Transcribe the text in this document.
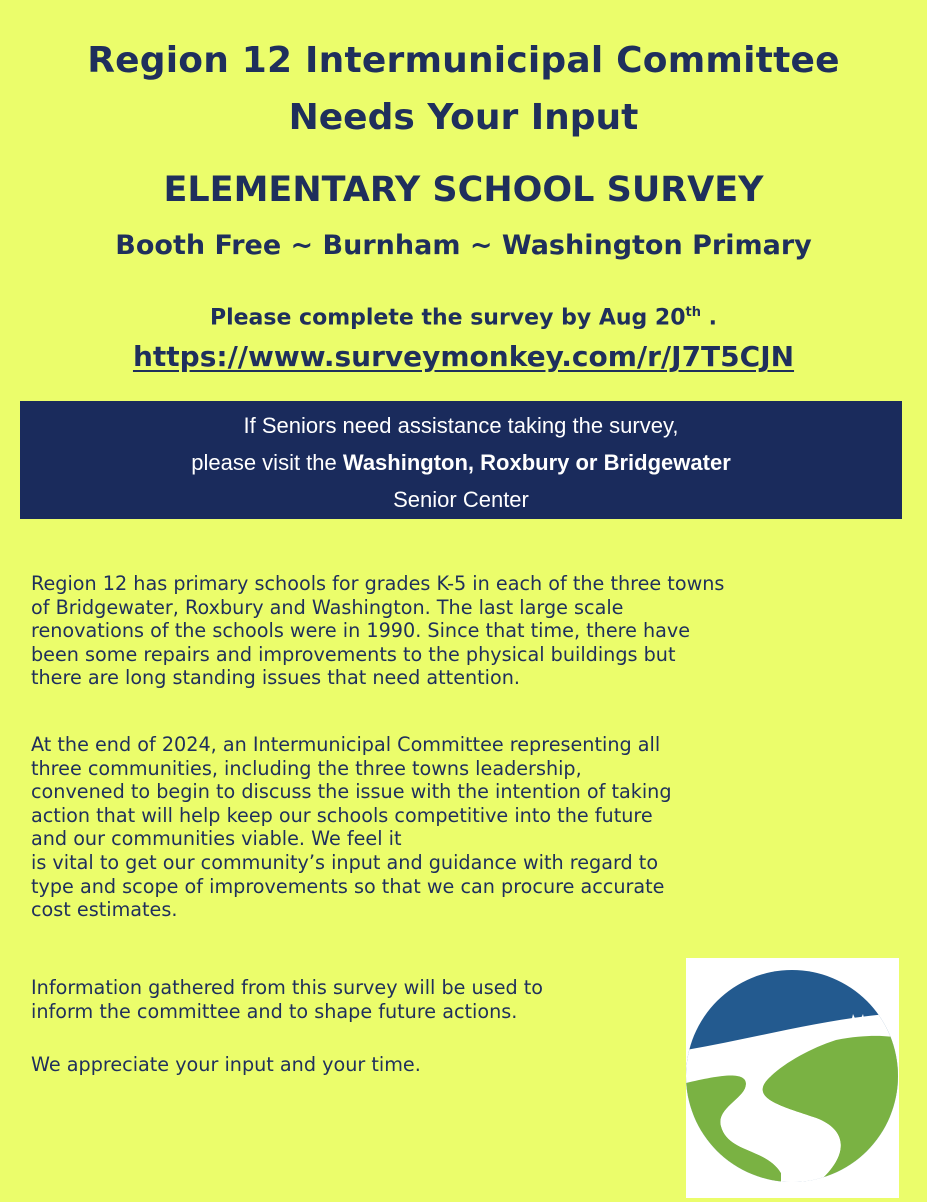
Region 12 Intermunicipal Committee
Needs Your Input
ELEMENTARY SCHOOL SURVEY
Booth Free ~ Burnham ~ Washington Primary
Please complete the survey by Aug 20th .
https://www.surveymonkey.com/r/J7T5CJN
If Seniors need assistance taking the survey,
please visit the Washington, Roxbury or Bridgewater
Senior Center
Region 12 has primary schools for grades K-5 in each of the three towns
of Bridgewater, Roxbury and Washington. The last large scale
renovations of the schools were in 1990. Since that time, there have
been some repairs and improvements to the physical buildings but
there are long standing issues that need attention.
At the end of 2024, an Intermunicipal Committee representing all
three communities, including the three towns leadership,
convened to begin to discuss the issue with the intention of taking
action that will help keep our schools competitive into the future
and our communities viable. We feel it
is vital to get our community’s input and guidance with regard to
type and scope of improvements so that we can procure accurate
cost estimates.
Information gathered from this survey will be used to
inform the committee and to shape future actions.
We appreciate your input and your time.
